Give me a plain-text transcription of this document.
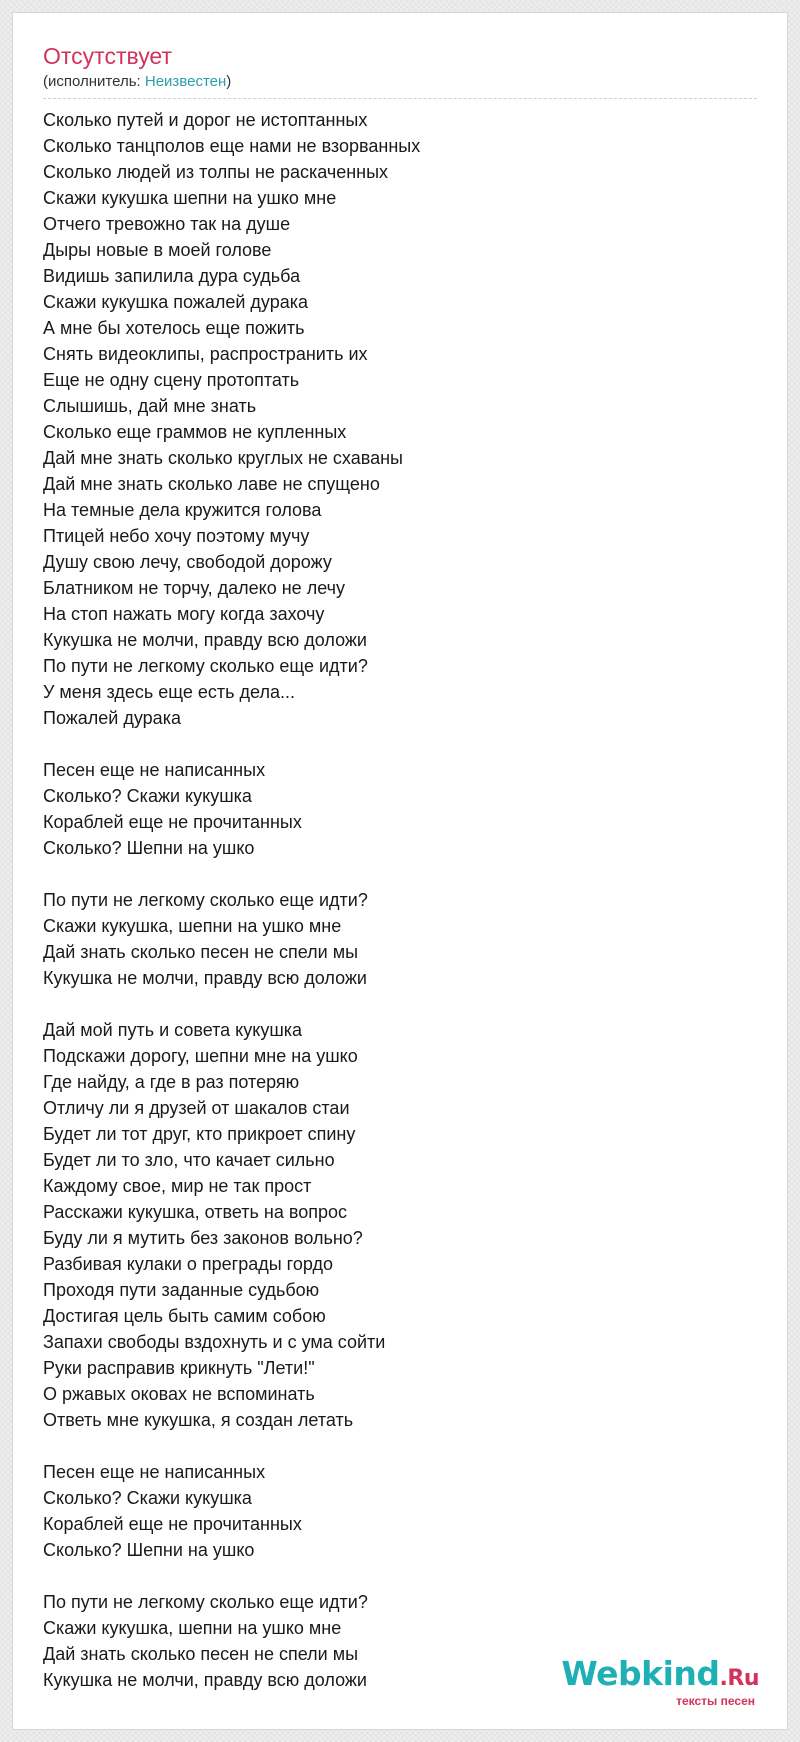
Отсутствует
(исполнитель: Неизвестен)
Сколько путей и дорог не истоптанных
Сколько танцполов еще нами не взорванных
Сколько людей из толпы не раскаченных
Скажи кукушка шепни на ушко мне
Отчего тревожно так на душе
Дыры новые в моей голове
Видишь запилила дура судьба
Скажи кукушка пожалей дурака
А мне бы хотелось еще пожить
Снять видеоклипы, распространить их
Еще не одну сцену протоптать
Слышишь, дай мне знать
Сколько еще граммов не купленных
Дай мне знать сколько круглых не схаваны
Дай мне знать сколько лаве не спущено
На темные дела кружится голова
Птицей небо хочу поэтому мучу
Душу свою лечу, свободой дорожу
Блатником не торчу, далеко не лечу
На стоп нажать могу когда захочу
Кукушка не молчи, правду всю доложи
По пути не легкому сколько еще идти?
У меня здесь еще есть дела...
Пожалей дурака
Песен еще не написанных
Сколько? Скажи кукушка
Кораблей еще не прочитанных
Сколько? Шепни на ушко
По пути не легкому сколько еще идти?
Скажи кукушка, шепни на ушко мне
Дай знать сколько песен не спели мы
Кукушка не молчи, правду всю доложи
Дай мой путь и совета кукушка
Подскажи дорогу, шепни мне на ушко
Где найду, а где в раз потеряю
Отличу ли я друзей от шакалов стаи
Будет ли тот друг, кто прикроет спину
Будет ли то зло, что качает сильно
Каждому свое, мир не так прост
Расскажи кукушка, ответь на вопрос
Буду ли я мутить без законов вольно?
Разбивая кулаки о преграды гордо
Проходя пути заданные судьбою
Достигая цель быть самим собою
Запахи свободы вздохнуть и с ума сойти
Руки расправив крикнуть "Лети!"
О ржавых оковах не вспоминать
Ответь мне кукушка, я создан летать
Песен еще не написанных
Сколько? Скажи кукушка
Кораблей еще не прочитанных
Сколько? Шепни на ушко
По пути не легкому сколько еще идти?
Скажи кукушка, шепни на ушко мне
Дай знать сколько песен не спели мы
Кукушка не молчи, правду всю доложи	Webkind.Ru
тексты песен
